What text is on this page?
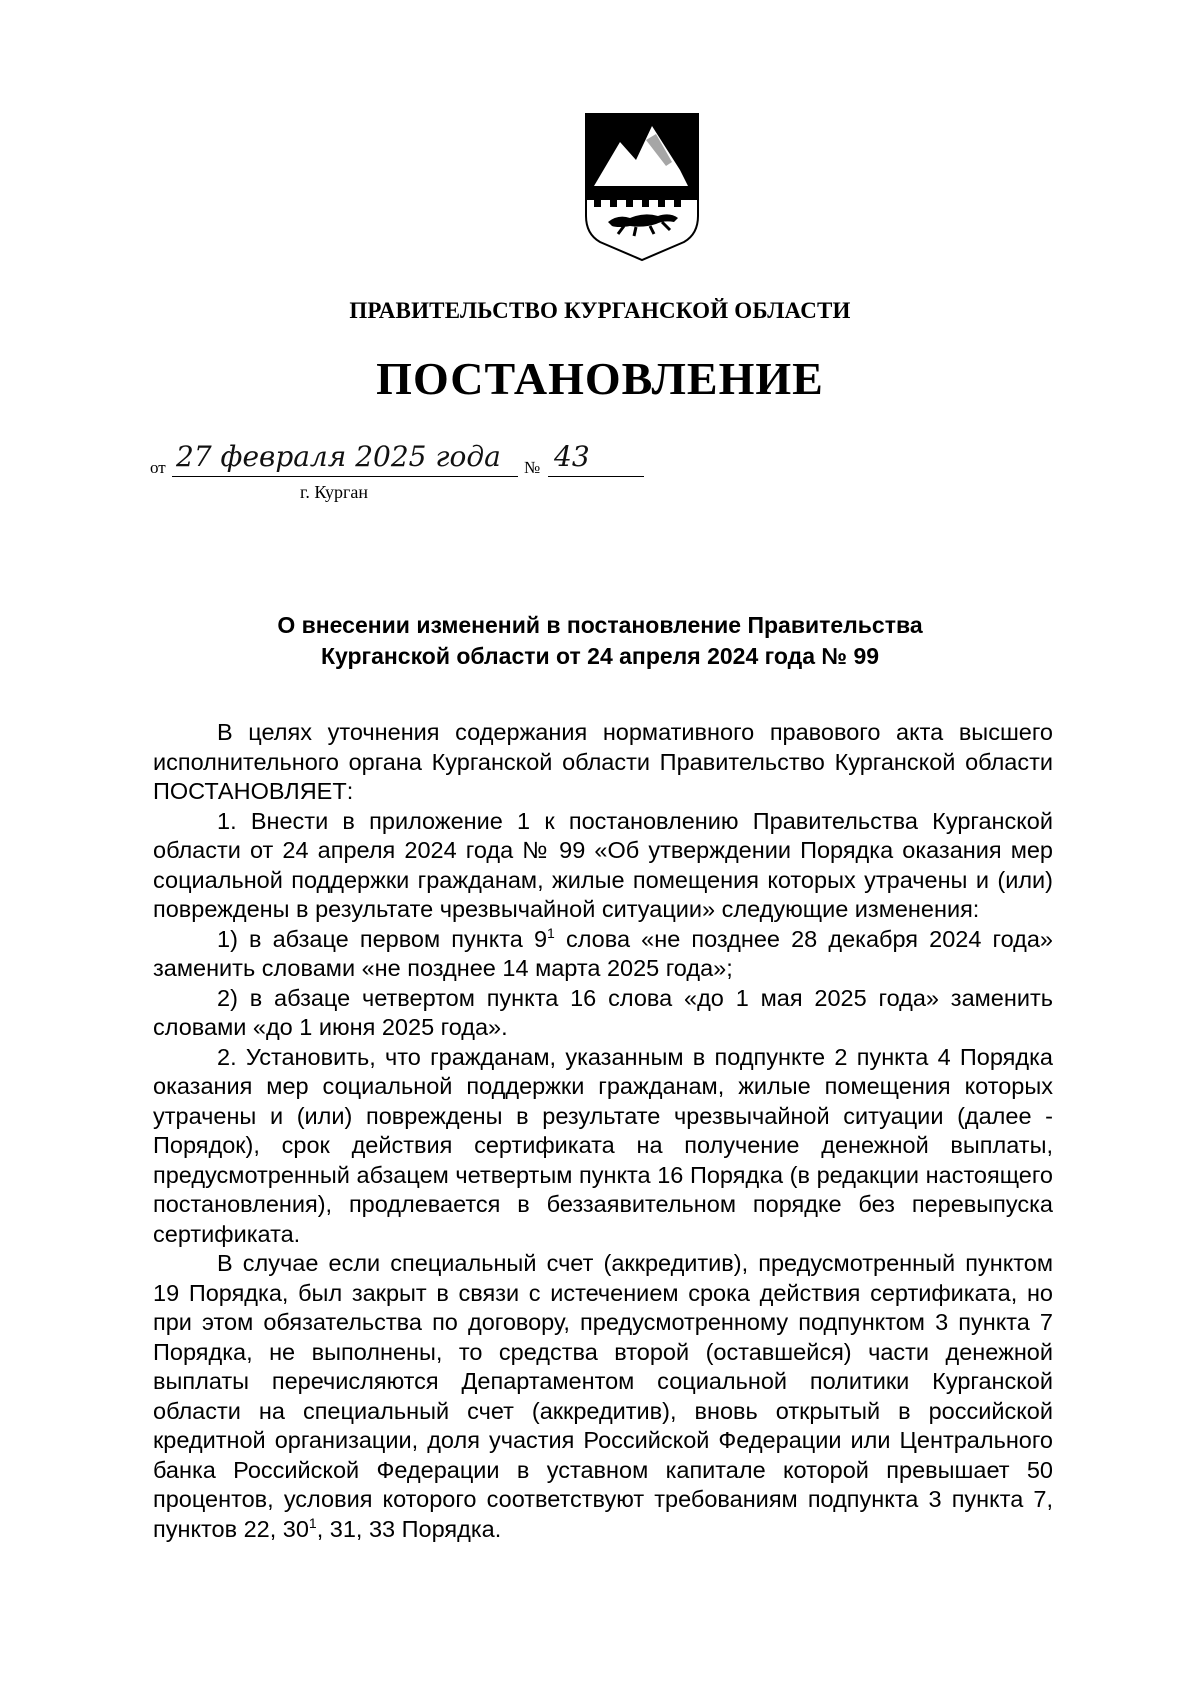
ПРАВИТЕЛЬСТВО КУРГАНСКОЙ ОБЛАСТИ
ПОСТАНОВЛЕНИЕ
от 27 февраля 2025 года № 43
г. Курган
О внесении изменений в постановление Правительства
Курганской области от 24 апреля 2024 года № 99

В целях уточнения содержания нормативного правового акта высшего исполнительного органа Курганской области Правительство Курганской области ПОСТАНОВЛЯЕТ:

1. Внести в приложение 1 к постановлению Правительства Курганской области от 24 апреля 2024 года № 99 «Об утверждении Порядка оказания мер социальной поддержки гражданам, жилые помещения которых утрачены и (или) повреждены в результате чрезвычайной ситуации» следующие изменения:

1) в абзаце первом пункта $9^1$ слова «не позднее 28 декабря 2024 года» заменить словами «не позднее 14 марта 2025 года»;

2) в абзаце четвертом пункта 16 слова «до 1 мая 2025 года» заменить словами «до 1 июня 2025 года».

2. Установить, что гражданам, указанным в подпункте 2 пункта 4 Порядка оказания мер социальной поддержки гражданам, жилые помещения которых утрачены и (или) повреждены в результате чрезвычайной ситуации (далее - Порядок), срок действия сертификата на получение денежной выплаты, предусмотренный абзацем четвертым пункта 16 Порядка (в редакции настоящего постановления), продлевается в беззаявительном порядке без перевыпуска сертификата.

В случае если специальный счет (аккредитив), предусмотренный пунктом 19 Порядка, был закрыт в связи с истечением срока действия сертификата, но при этом обязательства по договору, предусмотренному подпунктом 3 пункта 7 Порядка, не выполнены, то средства второй (оставшейся) части денежной выплаты перечисляются Департаментом социальной политики Курганской области на специальный счет (аккредитив), вновь открытый в российской кредитной организации, доля участия Российской Федерации или Центрального банка Российской Федерации в уставном капитале которой превышает 50 процентов, условия которого соответствуют требованиям подпункта 3 пункта 7, пунктов 22, $30^1$, 31, 33 Порядка.
